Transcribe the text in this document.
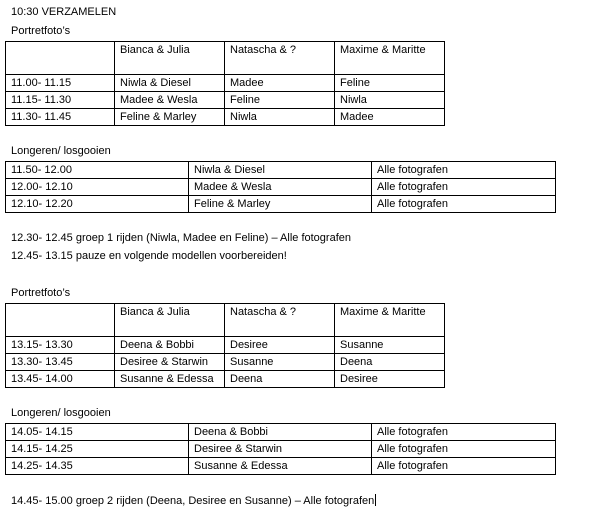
10:30 VERZAMELEN
Portretfoto’s
	Bianca & Julia	Natascha & ?	Maxime & Maritte
11.00- 11.15	Niwla & Diesel	Madee	Feline
11.15- 11.30	Madee & Wesla	Feline	Niwla
11.30- 11.45	Feline & Marley	Niwla	Madee
Longeren/ losgooien
11.50- 12.00	Niwla & Diesel	Alle fotografen
12.00- 12.10	Madee & Wesla	Alle fotografen
12.10- 12.20	Feline & Marley	Alle fotografen
12.30- 12.45 groep 1 rijden (Niwla, Madee en Feline) – Alle fotografen
12.45- 13.15 pauze en volgende modellen voorbereiden!
Portretfoto’s
	Bianca & Julia	Natascha & ?	Maxime & Maritte
13.15- 13.30	Deena & Bobbi	Desiree	Susanne
13.30- 13.45	Desiree & Starwin	Susanne	Deena
13.45- 14.00	Susanne & Edessa	Deena	Desiree
Longeren/ losgooien
14.05- 14.15	Deena & Bobbi	Alle fotografen
14.15- 14.25	Desiree & Starwin	Alle fotografen
14.25- 14.35	Susanne & Edessa	Alle fotografen
14.45- 15.00 groep 2 rijden (Deena, Desiree en Susanne) – Alle fotografen
